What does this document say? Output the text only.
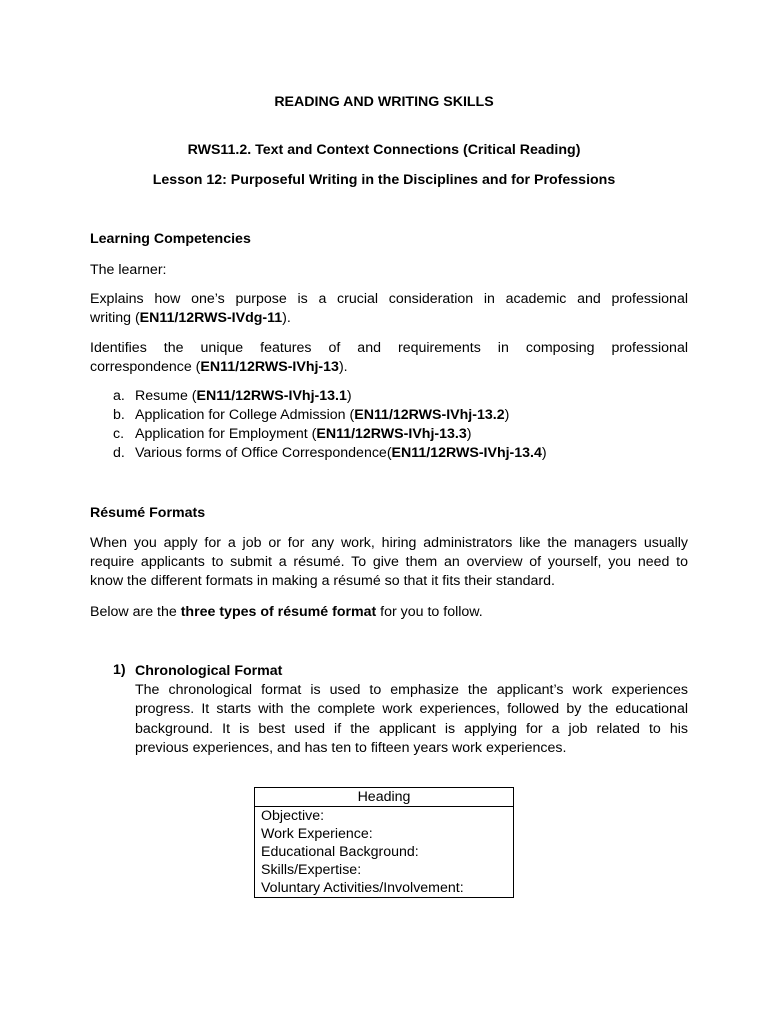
READING AND WRITING SKILLS
RWS11.2. Text and Context Connections (Critical Reading)
Lesson 12: Purposeful Writing in the Disciplines and for Professions
Learning Competencies
The learner:
Explains how one’s purpose is a crucial consideration in academic and professional
writing (EN11/12RWS-IVdg-11).
Identifies the unique features of and requirements in composing professional
correspondence (EN11/12RWS-IVhj-13).
a. Resume (EN11/12RWS-IVhj-13.1)
b. Application for College Admission (EN11/12RWS-IVhj-13.2)
c. Application for Employment (EN11/12RWS-IVhj-13.3)
d. Various forms of Office Correspondence(EN11/12RWS-IVhj-13.4)
Résumé Formats
When you apply for a job or for any work, hiring administrators like the managers usually
require applicants to submit a résumé. To give them an overview of yourself, you need to
know the different formats in making a résumé so that it fits their standard.
Below are the three types of résumé format for you to follow.
1) Chronological Format
The chronological format is used to emphasize the applicant’s work experiences
progress. It starts with the complete work experiences, followed by the educational
background. It is best used if the applicant is applying for a job related to his
previous experiences, and has ten to fifteen years work experiences.
Heading

Objective:
Work Experience:
Educational Background:
Skills/Expertise:
Voluntary Activities/Involvement:
